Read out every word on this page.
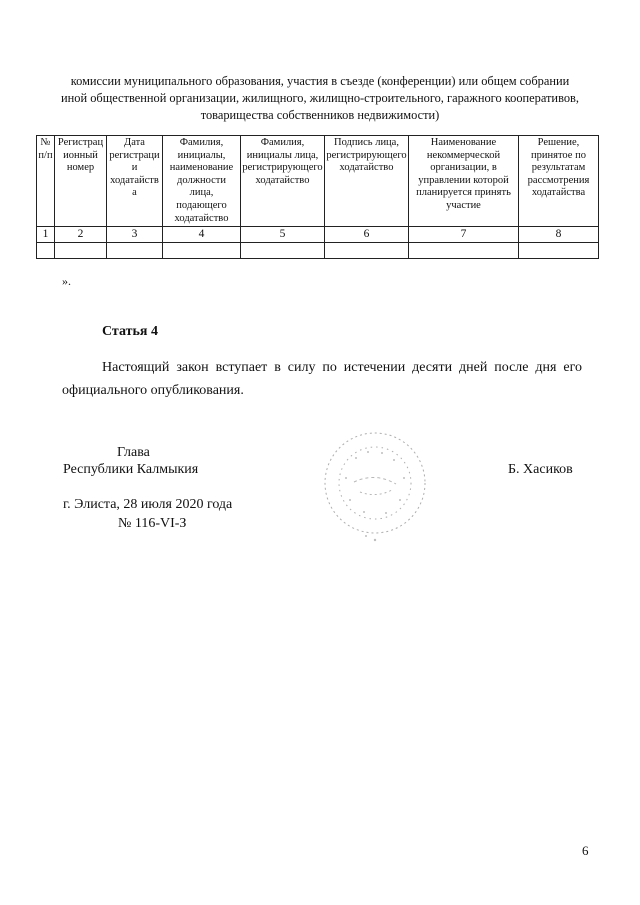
комиссии муниципального образования, участия в съезде (конференции) или общем собрании иной общественной организации, жилищного, жилищно-строительного, гаражного кооперативов, товарищества собственников недвижимости)
№ п/п	Регистрационный номер	Дата регистрации ходатайства	Фамилия, инициалы, наименование должности лица, подающего ходатайство	Фамилия, инициалы лица, регистрирующего ходатайство	Подпись лица, регистрирующего ходатайство	Наименование некоммерческой организации, в управлении которой планируется принять участие	Решение, принятое по результатам рассмотрения ходатайства
1	2	3	4	5	6	7	8

».
Статья 4
Настоящий закон вступает в силу по истечении десяти дней после дня его официального опубликования.
Глава
Республики Калмыкия	Б. Хасиков
г. Элиста, 28 июля 2020 года
№ 116-VI-З
6
